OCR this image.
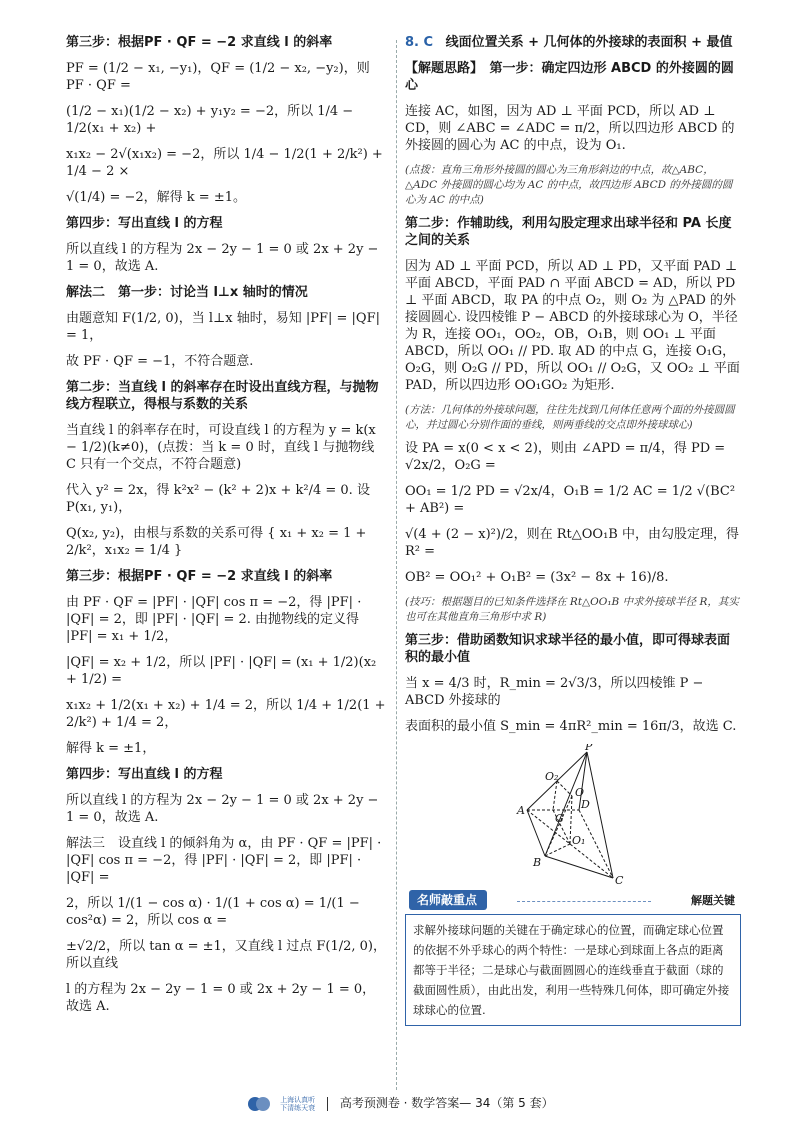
第三步：根据PF · QF = −2 求直线 l 的斜率
PF = (1/2 − x₁, −y₁)，QF = (1/2 − x₂, −y₂)，则 PF · QF =
(1/2 − x₁)(1/2 − x₂) + y₁y₂ = −2，所以 1/4 − 1/2(x₁ + x₂) +
x₁x₂ − 2√(x₁x₂) = −2，所以 1/4 − 1/2(1 + 2/k²) + 1/4 − 2 ×
√(1/4) = −2，解得 k = ±1。
第四步：写出直线 l 的方程
所以直线 l 的方程为 2x − 2y − 1 = 0 或 2x + 2y − 1 = 0，故选 A.
解法二　第一步：讨论当 l⊥x 轴时的情况
由题意知 F(1/2, 0)，当 l⊥x 轴时，易知 |PF| = |QF| = 1，
故 PF · QF = −1，不符合题意.
第二步：当直线 l 的斜率存在时设出直线方程，与抛物线方程联立，得根与系数的关系
当直线 l 的斜率存在时，可设直线 l 的方程为 y = k(x − 1/2)(k≠0)，(点拨：当 k = 0 时，直线 l 与抛物线 C 只有一个交点，不符合题意)
代入 y² = 2x，得 k²x² − (k² + 2)x + k²/4 = 0. 设 P(x₁, y₁)，
Q(x₂, y₂)，由根与系数的关系可得 { x₁ + x₂ = 1 + 2/k²，x₁x₂ = 1/4 }
第三步：根据PF · QF = −2 求直线 l 的斜率
由 PF · QF = |PF| · |QF| cos π = −2，得 |PF| · |QF| = 2，即 |PF| · |QF| = 2. 由抛物线的定义得 |PF| = x₁ + 1/2，
|QF| = x₂ + 1/2，所以 |PF| · |QF| = (x₁ + 1/2)(x₂ + 1/2) =
x₁x₂ + 1/2(x₁ + x₂) + 1/4 = 2，所以 1/4 + 1/2(1 + 2/k²) + 1/4 = 2，
解得 k = ±1，
第四步：写出直线 l 的方程
所以直线 l 的方程为 2x − 2y − 1 = 0 或 2x + 2y − 1 = 0，故选 A.
解法三　设直线 l 的倾斜角为 α，由 PF · QF = |PF| · |QF| cos π = −2，得 |PF| · |QF| = 2，即 |PF| · |QF| =
2，所以 1/(1 − cos α) · 1/(1 + cos α) = 1/(1 − cos²α) = 2，所以 cos α =
±√2/2，所以 tan α = ±1，又直线 l 过点 F(1/2, 0)，所以直线
l 的方程为 2x − 2y − 1 = 0 或 2x + 2y − 1 = 0，故选 A.
8. C 线面位置关系 + 几何体的外接球的表面积 + 最值
【解题思路】　第一步：确定四边形 ABCD 的外接圆的圆心
连接 AC，如图，因为 AD ⊥ 平面 PCD，所以 AD ⊥ CD，则 ∠ABC = ∠ADC = π/2，所以四边形 ABCD 的外接圆的圆心为 AC 的中点，设为 O₁.
(点拨：直角三角形外接圆的圆心为三角形斜边的中点，故△ABC，△ADC 外接圆的圆心均为 AC 的中点，故四边形 ABCD 的外接圆的圆心为 AC 的中点)
第二步：作辅助线，利用勾股定理求出球半径和 PA 长度之间的关系
因为 AD ⊥ 平面 PCD，所以 AD ⊥ PD，又平面 PAD ⊥ 平面 ABCD，平面 PAD ∩ 平面 ABCD = AD，所以 PD ⊥ 平面 ABCD，取 PA 的中点 O₂，则 O₂ 为 △PAD 的外接圆圆心. 设四棱锥 P − ABCD 的外接球球心为 O，半径为 R，连接 OO₁，OO₂，OB，O₁B，则 OO₁ ⊥ 平面 ABCD，所以 OO₁ // PD. 取 AD 的中点 G，连接 O₁G，O₂G，则 O₂G // PD，所以 OO₁ // O₂G，又 OO₂ ⊥ 平面 PAD，所以四边形 OO₁GO₂ 为矩形.
(方法：几何体的外接球问题，往往先找到几何体任意两个面的外接圆圆心，并过圆心分别作面的垂线，则两垂线的交点即外接球球心)
设 PA = x(0 < x < 2)，则由 ∠APD = π/4，得 PD = √2x/2，O₂G =
OO₁ = 1/2 PD = √2x/4，O₁B = 1/2 AC = 1/2 √(BC² + AB²) =
√(4 + (2 − x)²)/2，则在 Rt△OO₁B 中，由勾股定理，得 R² =
OB² = OO₁² + O₁B² = (3x² − 8x + 16)/8.
(技巧：根据题目的已知条件选择在 Rt△OO₁B 中求外接球半径 R，其实也可在其他直角三角形中求 R)
第三步：借助函数知识求球半径的最小值，即可得球表面积的最小值
当 x = 4/3 时，R_min = 2√3/3，所以四棱锥 P − ABCD 外接球的
表面积的最小值 S_min = 4πR²_min = 16π/3，故选 C.
P
O₂
A
G
D
O
O₁
B
C
名师敲重点	解题关键
求解外接球问题的关键在于确定球心的位置，而确定球心位置的依据不外乎球心的两个特性：一是球心到球面上各点的距离都等于半径；二是球心与截面圆圆心的连线垂直于截面（球的截面圆性质），由此出发，利用一些特殊几何体，即可确定外接球球心的位置.
上海认真听
下清练天衰 高考预测卷 · 数学答案— 34（第 5 套）
